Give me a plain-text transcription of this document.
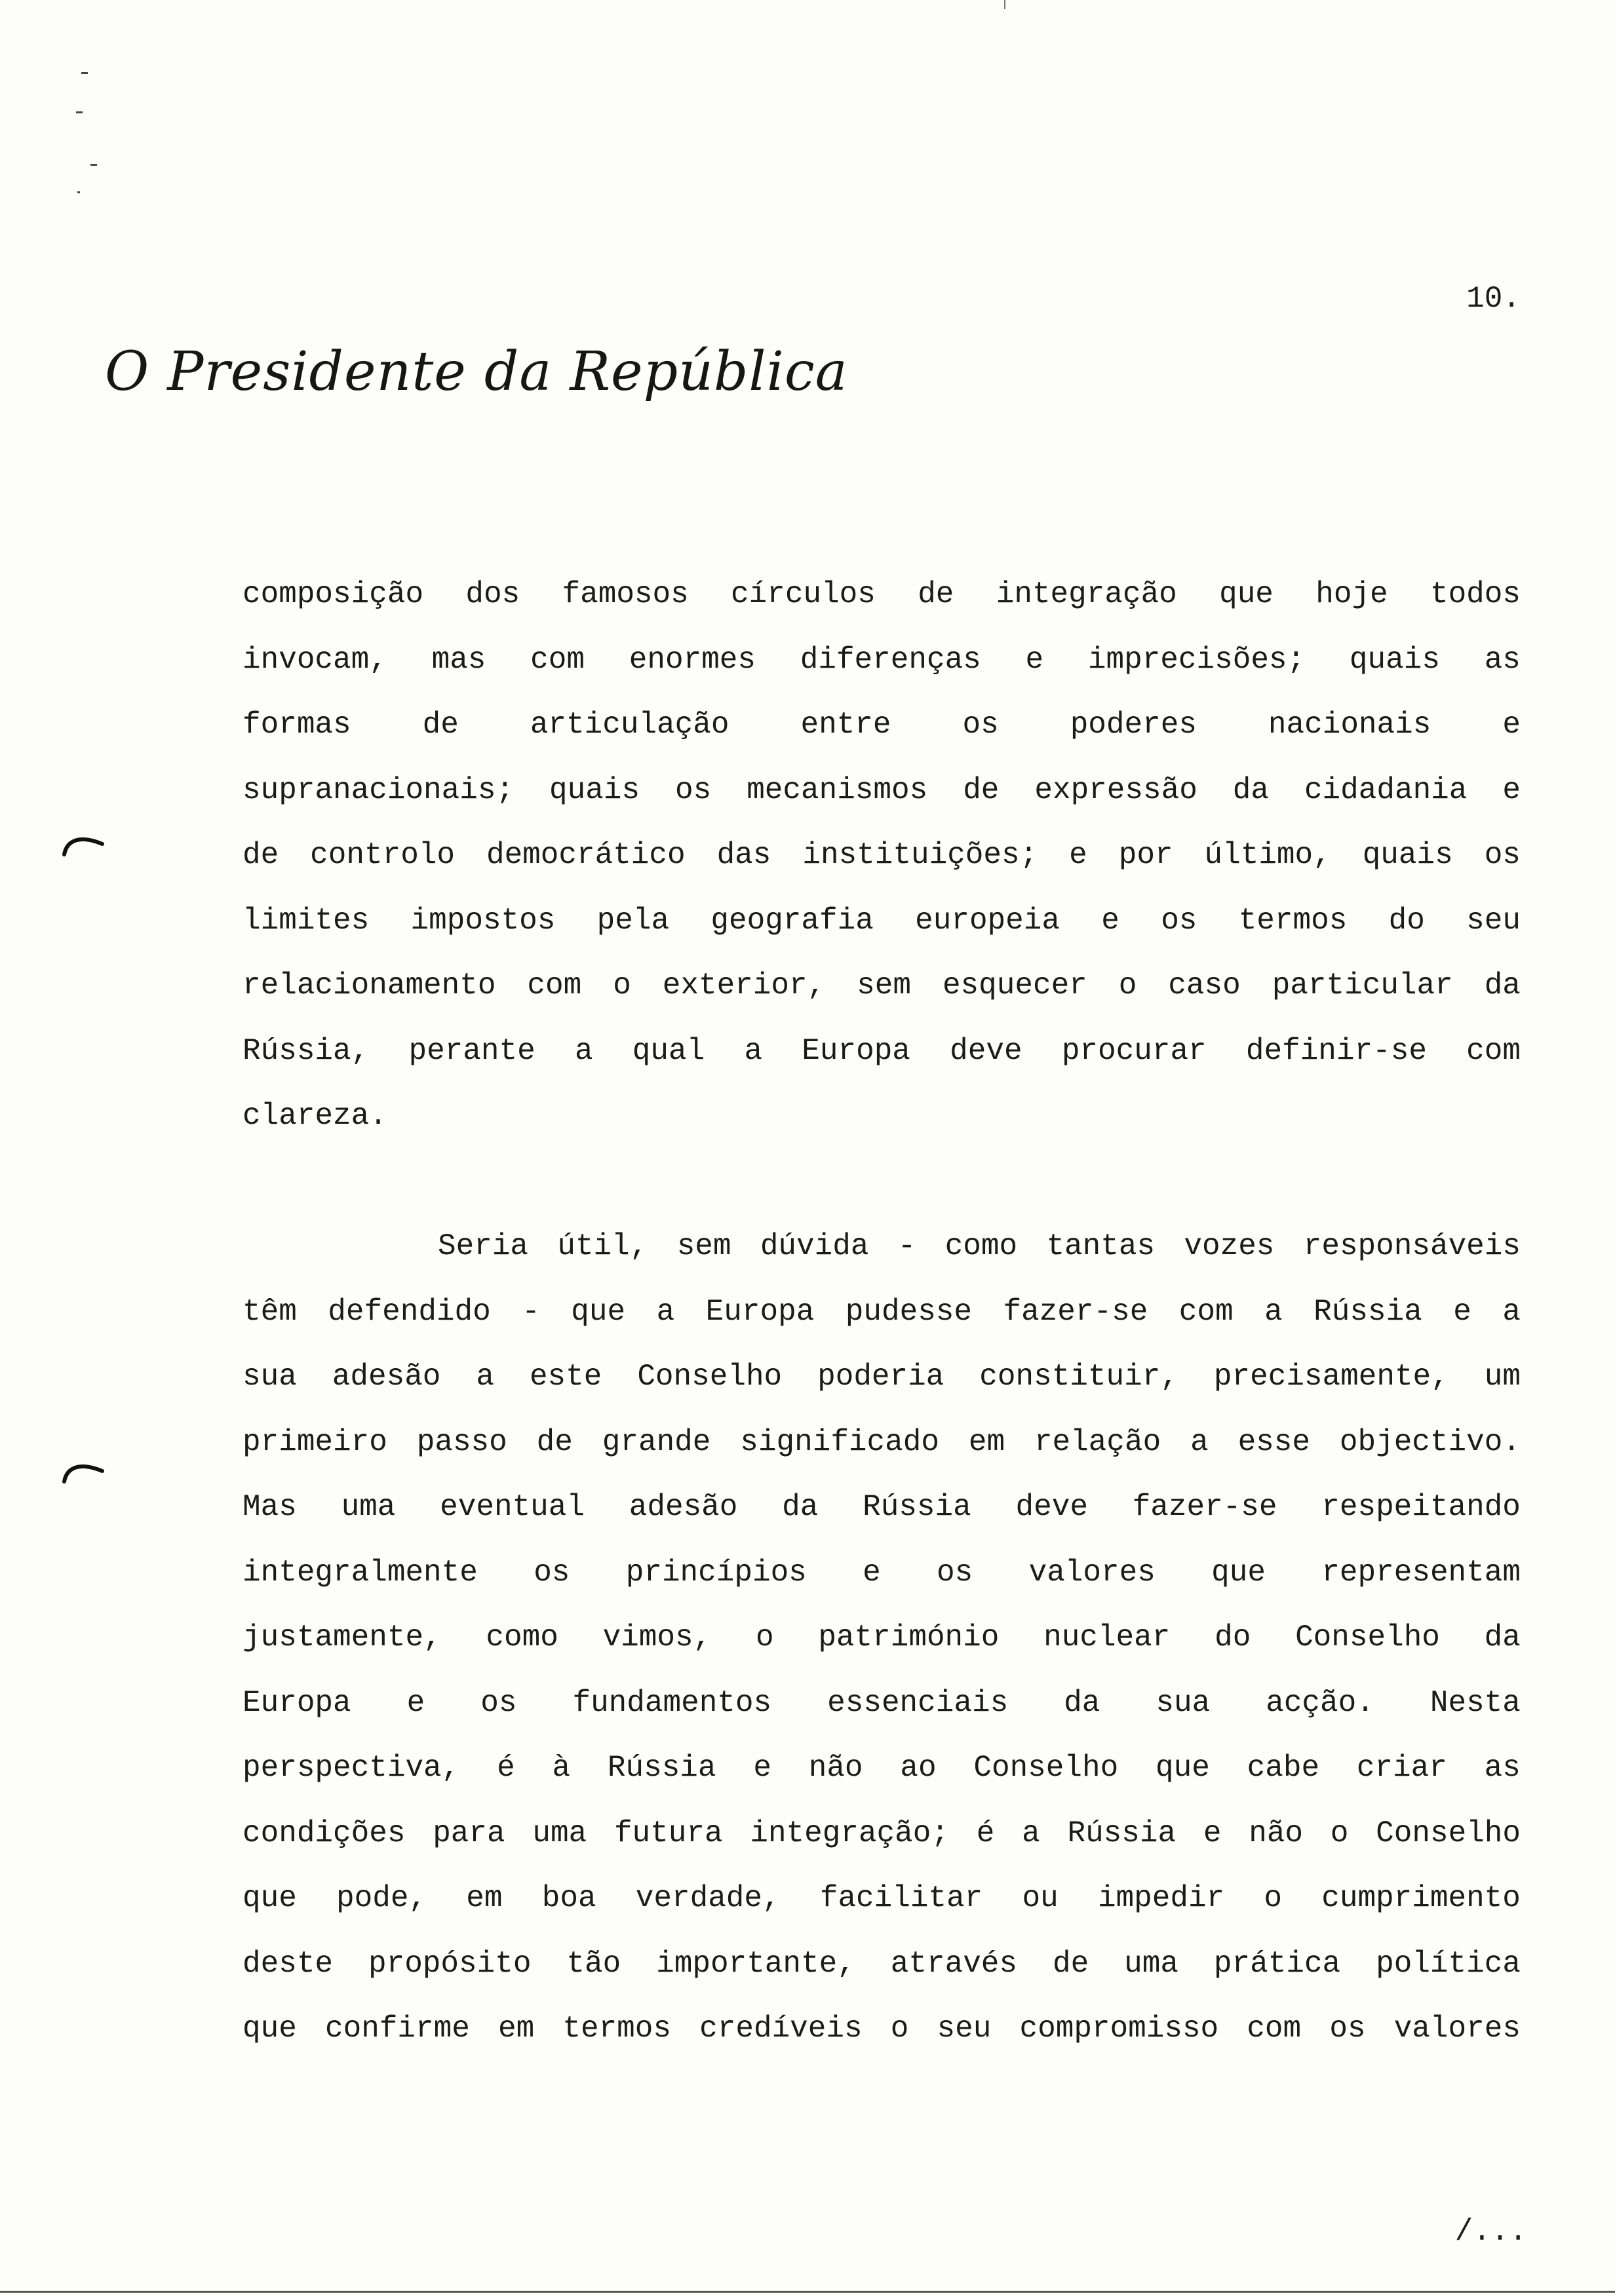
10.
O Presidente da República
composição dos famosos círculos de integração que hoje todos
invocam, mas com enormes diferenças e imprecisões; quais as
formas de articulação entre os poderes nacionais e
supranacionais; quais os mecanismos de expressão da cidadania e
de controlo democrático das instituições; e por último, quais os
limites impostos pela geografia europeia e os termos do seu
relacionamento com o exterior, sem esquecer o caso particular da
Rússia, perante a qual a Europa deve procurar definir-se com
clareza.
Seria útil, sem dúvida - como tantas vozes responsáveis
têm defendido - que a Europa pudesse fazer-se com a Rússia e a
sua adesão a este Conselho poderia constituir, precisamente, um
primeiro passo de grande significado em relação a esse objectivo.
Mas uma eventual adesão da Rússia deve fazer-se respeitando
integralmente os princípios e os valores que representam
justamente, como vimos, o património nuclear do Conselho da
Europa e os fundamentos essenciais da sua acção. Nesta
perspectiva, é à Rússia e não ao Conselho que cabe criar as
condições para uma futura integração; é a Rússia e não o Conselho
que pode, em boa verdade, facilitar ou impedir o cumprimento
deste propósito tão importante, através de uma prática política
que confirme em termos credíveis o seu compromisso com os valores
/...
